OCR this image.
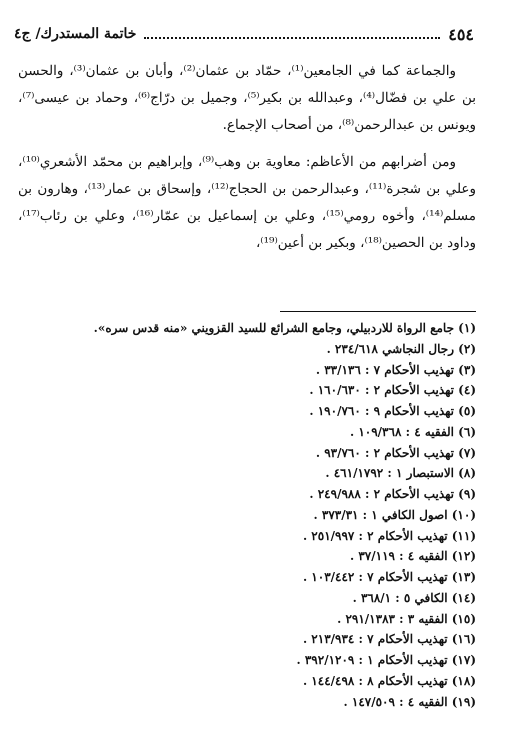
٤٥٤
خاتمة المستدرك/ ج٤

والجماعة كما في الجامعين⁽¹⁾، حمّاد بن عثمان⁽²⁾، وأبان بن عثمان⁽³⁾، والحسن بن علي بن فضّال⁽⁴⁾، وعبدالله بن بكير⁽⁵⁾، وجميل بن درّاج⁽⁶⁾، وحماد بن عيسى⁽⁷⁾، ويونس بن عبدالرحمن⁽⁸⁾، من أصحاب الإجماع.

ومن أضرابهم من الأعاظم: معاوية بن وهب⁽⁹⁾، وإبراهيم بن محمّد الأشعري⁽¹⁰⁾، وعلي بن شجرة⁽¹¹⁾، وعبدالرحمن بن الحجاج⁽¹²⁾، وإسحاق بن عمار⁽¹³⁾، وهارون بن مسلم⁽¹⁴⁾، وأخوه رومي⁽¹⁵⁾، وعلي بن إسماعيل بن عمّار⁽¹⁶⁾، وعلي بن رئاب⁽¹⁷⁾، وداود بن الحصين⁽¹⁸⁾، وبكير بن أعين⁽¹⁹⁾،

(١) جامع الرواة للاردبيلي، وجامع الشرائع للسيد القزويني «منه قدس سره».
(٢) رجال النجاشي ٢٣٤/٦١٨ .
(٣) تهذيب الأحكام ٧ : ٣٣/١٣٦ .
(٤) تهذيب الأحكام ٢ : ١٦٠/٦٣٠ .
(٥) تهذيب الأحكام ٩ : ١٩٠/٧٦٠ .
(٦) الفقيه ٤ : ١٠٩/٣٦٨ .
(٧) تهذيب الأحكام ٢ : ٩٣/٧٦٠ .
(٨) الاستبصار ١ : ٤٦١/١٧٩٢ .
(٩) تهذيب الأحكام ٢ : ٢٤٩/٩٨٨ .
(١٠) اصول الكافي ١ : ٣٧٣/٣١ .
(١١) تهذيب الأحكام ٢ : ٢٥١/٩٩٧ .
(١٢) الفقيه ٤ : ٣٧/١١٩ .
(١٣) تهذيب الأحكام ٧ : ١٠٣/٤٤٢ .
(١٤) الكافي ٥ : ٣٦٨/١ .
(١٥) الفقيه ٣ : ٢٩١/١٣٨٣ .
(١٦) تهذيب الأحكام ٧ : ٢١٣/٩٣٤ .
(١٧) تهذيب الأحكام ١ : ٣٩٢/١٢٠٩ .
(١٨) تهذيب الأحكام ٨ : ١٤٤/٤٩٨ .
(١٩) الفقيه ٤ : ١٤٧/٥٠٩ .
